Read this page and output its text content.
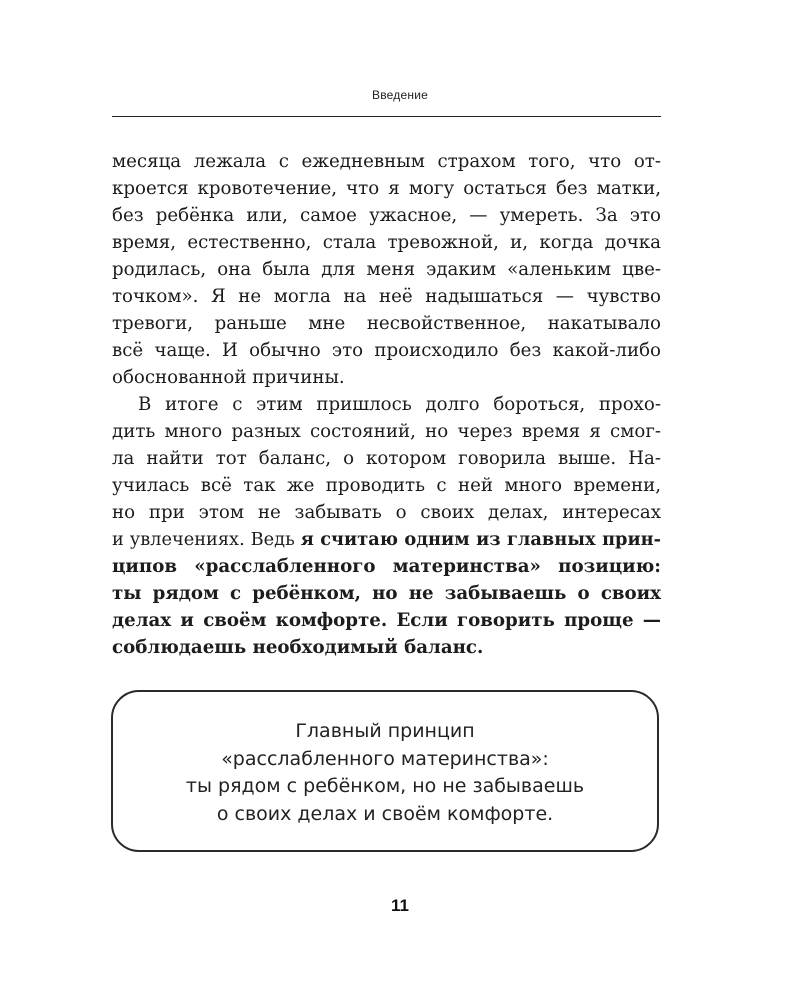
Введение
месяца лежала с ежедневным страхом того, что от-
кроется кровотечение, что я могу остаться без матки,
без ребёнка или, самое ужасное, — умереть. За это
время, естественно, стала тревожной, и, когда дочка
родилась, она была для меня эдаким «аленьким цве-
точком». Я не могла на неё надышаться — чувство
тревоги, раньше мне несвойственное, накатывало
всё чаще. И обычно это происходило без какой-либо
обоснованной причины.
В итоге с этим пришлось долго бороться, прохо-
дить много разных состояний, но через время я смог-
ла найти тот баланс, о котором говорила выше. На-
училась всё так же проводить с ней много времени,
но при этом не забывать о своих делах, интересах
и увлечениях. Ведь я считаю одним из главных прин-
ципов «расслабленного материнства» позицию:
ты рядом с ребёнком, но не забываешь о своих
делах и своём комфорте. Если говорить проще —
соблюдаешь необходимый баланс.
Главный принцип
«расслабленного материнства»:
ты рядом с ребёнком, но не забываешь
о своих делах и своём комфорте.
11
